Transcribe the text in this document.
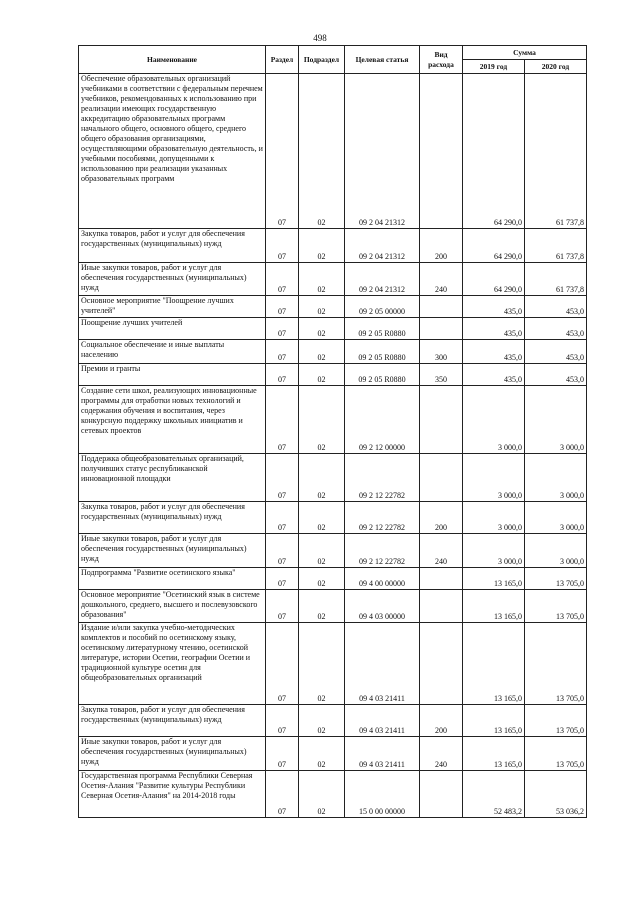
498
Наименование	Раздел	Подраздел	Целевая статья	Вид расхода	Сумма	
					2019 год	2020 год
Обеспечение образовательных организаций учебниками в соответствии с федеральным перечнем учебников, рекомендованных к использованию при реализации имеющих государственную аккредитацию образовательных программ начального общего, основного общего, среднего общего образования организациями, осуществляющими образовательную деятельность, и учебными пособиями, допущенными к использованию при реализации указанных образовательных программ	07	02	09 2 04 21312		64 290,0	61 737,8
Закупка товаров, работ и услуг для обеспечения государственных (муниципальных) нужд	07	02	09 2 04 21312	200	64 290,0	61 737,8
Иные закупки товаров, работ и услуг для обеспечения государственных (муниципальных) нужд	07	02	09 2 04 21312	240	64 290,0	61 737,8
Основное мероприятие "Поощрение лучших учителей"	07	02	09 2 05 00000		435,0	453,0
Поощрение лучших учителей	07	02	09 2 05 R0880		435,0	453,0
Социальное обеспечение и иные выплаты населению	07	02	09 2 05 R0880	300	435,0	453,0
Премии и гранты	07	02	09 2 05 R0880	350	435,0	453,0
Создание сети школ, реализующих инновационные программы для отработки новых технологий и содержания обучения и воспитания, через конкурсную поддержку школьных инициатив и сетевых проектов	07	02	09 2 12 00000		3 000,0	3 000,0
Поддержка общеобразовательных организаций, получивших статус республиканской инновационной площадки	07	02	09 2 12 22782		3 000,0	3 000,0
Закупка товаров, работ и услуг для обеспечения государственных (муниципальных) нужд	07	02	09 2 12 22782	200	3 000,0	3 000,0
Иные закупки товаров, работ и услуг для обеспечения государственных (муниципальных) нужд	07	02	09 2 12 22782	240	3 000,0	3 000,0
Подпрограмма "Развитие осетинского языка"	07	02	09 4 00 00000		13 165,0	13 705,0
Основное мероприятие "Осетинский язык в системе дошкольного, среднего, высшего и послевузовского образования"	07	02	09 4 03 00000		13 165,0	13 705,0
Издание и/или закупка учебно-методических комплектов и пособий по осетинскому языку, осетинскому литературному чтению, осетинской литературе, истории Осетии, географии Осетии и традиционной культуре осетин для общеобразовательных организаций	07	02	09 4 03 21411		13 165,0	13 705,0
Закупка товаров, работ и услуг для обеспечения государственных (муниципальных) нужд	07	02	09 4 03 21411	200	13 165,0	13 705,0
Иные закупки товаров, работ и услуг для обеспечения государственных (муниципальных) нужд	07	02	09 4 03 21411	240	13 165,0	13 705,0
Государственная программа Республики Северная Осетия-Алания "Развитие культуры Республики Северная Осетия-Алания" на 2014-2018 годы	07	02	15 0 00 00000		52 483,2	53 036,2
